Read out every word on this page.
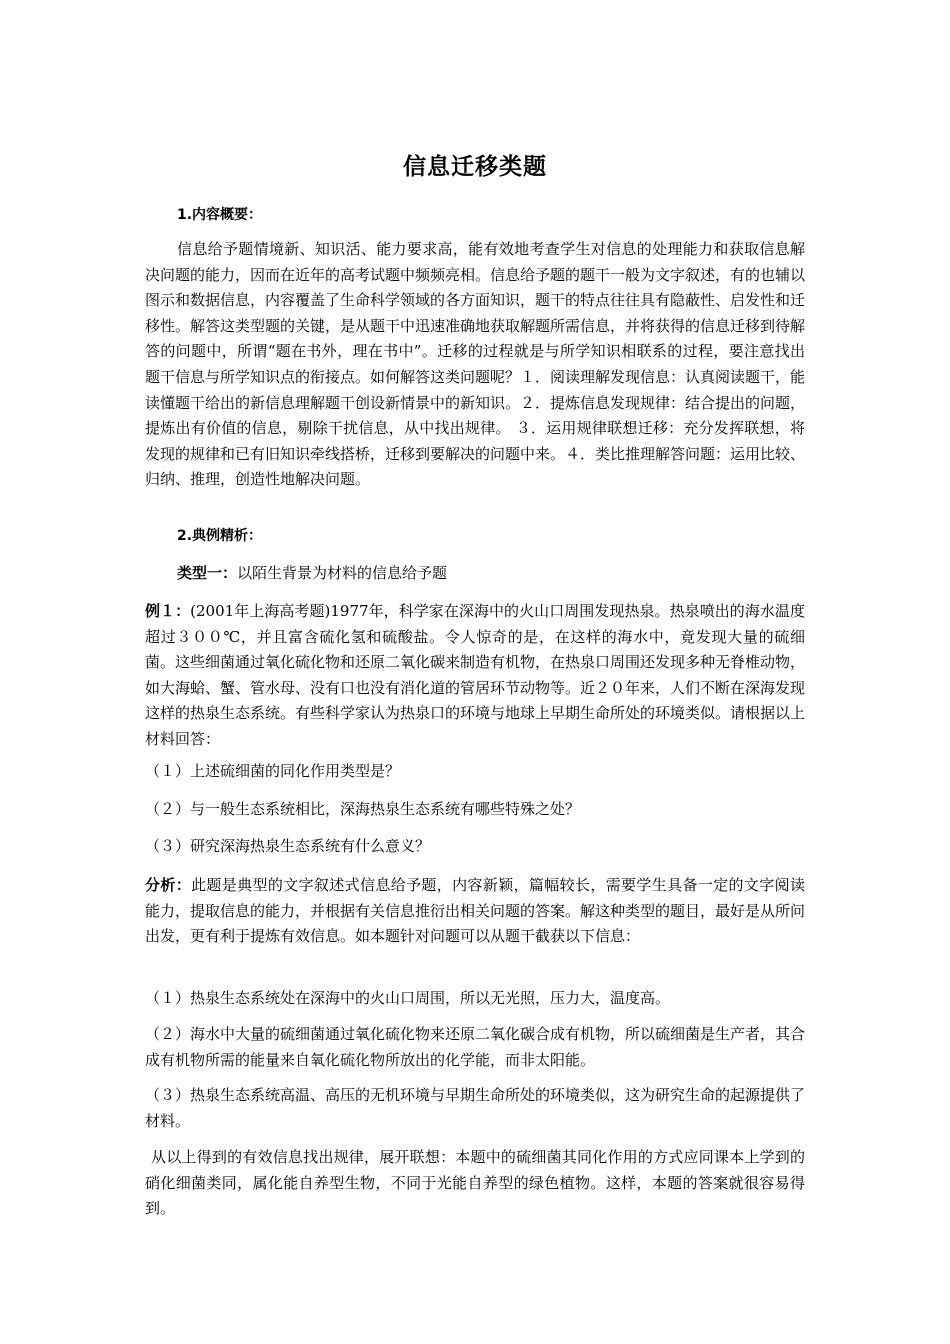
信息迁移类题

1.内容概要：

信息给予题情境新、知识活、能力要求高，能有效地考查学生对信息的处理能力和获取信息解决问题的能力，因而在近年的高考试题中频频亮相。信息给予题的题干一般为文字叙述，有的也辅以图示和数据信息，内容覆盖了生命科学领域的各方面知识，题干的特点往往具有隐蔽性、启发性和迁移性。解答这类型题的关键，是从题干中迅速准确地获取解题所需信息，并将获得的信息迁移到待解答的问题中，所谓“题在书外，理在书中”。迁移的过程就是与所学知识相联系的过程，要注意找出题干信息与所学知识点的衔接点。如何解答这类问题呢？１．阅读理解发现信息：认真阅读题干，能读懂题干给出的新信息理解题干创设新情景中的新知识。２．提炼信息发现规律：结合提出的问题，提炼出有价值的信息，剔除干扰信息，从中找出规律。 ３．运用规律联想迁移：充分发挥联想，将发现的规律和已有旧知识牵线搭桥，迁移到要解决的问题中来。４．类比推理解答问题：运用比较、归纳、推理，创造性地解决问题。

2.典例精析：

类型一：以陌生背景为材料的信息给予题

例１：(2001年上海高考题)1977年，科学家在深海中的火山口周围发现热泉。热泉喷出的海水温度超过３００℃，并且富含硫化氢和硫酸盐。令人惊奇的是，在这样的海水中，竟发现大量的硫细菌。这些细菌通过氧化硫化物和还原二氧化碳来制造有机物，在热泉口周围还发现多种无脊椎动物，如大海蛤、蟹、管水母、没有口也没有消化道的管居环节动物等。近２０年来，人们不断在深海发现这样的热泉生态系统。有些科学家认为热泉口的环境与地球上早期生命所处的环境类似。请根据以上材料回答：

（１）上述硫细菌的同化作用类型是？

（２）与一般生态系统相比，深海热泉生态系统有哪些特殊之处？

（３）研究深海热泉生态系统有什么意义？

分析：此题是典型的文字叙述式信息给予题，内容新颖，篇幅较长，需要学生具备一定的文字阅读能力，提取信息的能力，并根据有关信息推衍出相关问题的答案。解这种类型的题目，最好是从所问出发，更有利于提炼有效信息。如本题针对问题可以从题干截获以下信息：

（１）热泉生态系统处在深海中的火山口周围，所以无光照，压力大，温度高。

（２）海水中大量的硫细菌通过氧化硫化物来还原二氧化碳合成有机物，所以硫细菌是生产者，其合成有机物所需的能量来自氧化硫化物所放出的化学能，而非太阳能。

（３）热泉生态系统高温、高压的无机环境与早期生命所处的环境类似，这为研究生命的起源提供了材料。

从以上得到的有效信息找出规律，展开联想：本题中的硫细菌其同化作用的方式应同课本上学到的硝化细菌类同，属化能自养型生物，不同于光能自养型的绿色植物。这样，本题的答案就很容易得到。
